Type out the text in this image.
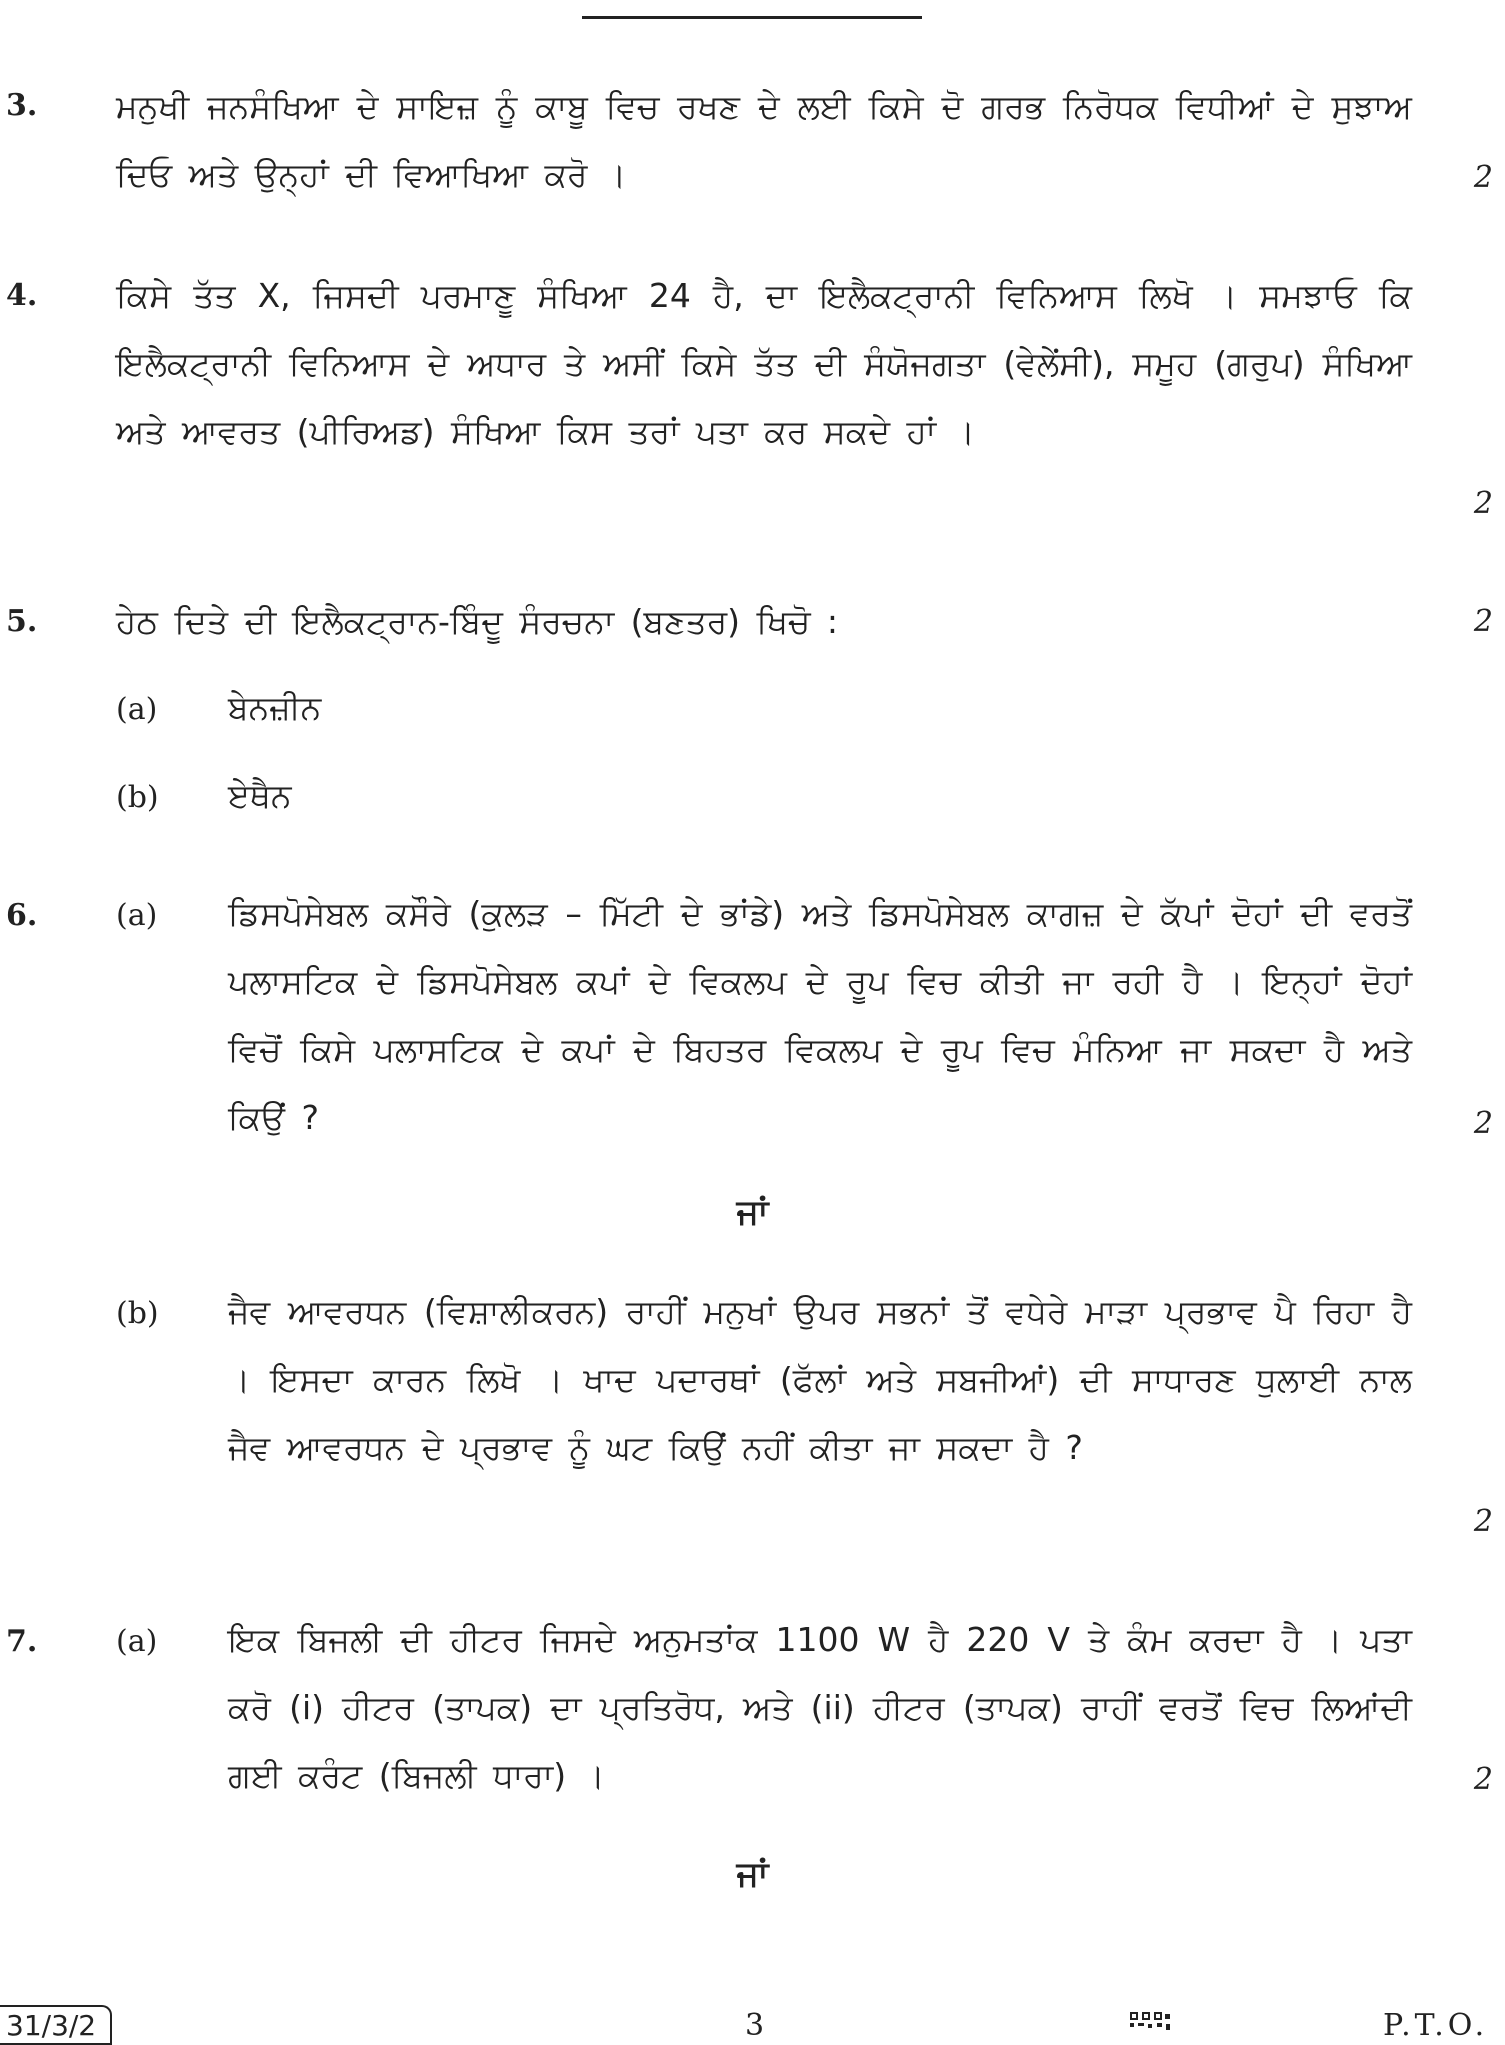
3. ਮਨੁਖੀ ਜਨਸੰਖਿਆ ਦੇ ਸਾਇਜ਼ ਨੂੰ ਕਾਬੂ ਵਿਚ ਰਖਣ ਦੇ ਲਈ ਕਿਸੇ ਦੋ ਗਰਭ ਨਿਰੋਧਕ ਵਿਧੀਆਂ ਦੇ ਸੁਝਾਅ ਦਿਓ ਅਤੇ ਉਨ੍ਹਾਂ ਦੀ ਵਿਆਖਿਆ ਕਰੋ ।	2
4. ਕਿਸੇ ਤੱਤ X, ਜਿਸਦੀ ਪਰਮਾਣੂ ਸੰਖਿਆ 24 ਹੈ, ਦਾ ਇਲੈਕਟ੍ਰਾਨੀ ਵਿਨਿਆਸ ਲਿਖੋ । ਸਮਝਾਓ ਕਿ ਇਲੈਕਟ੍ਰਾਨੀ ਵਿਨਿਆਸ ਦੇ ਅਧਾਰ ਤੇ ਅਸੀਂ ਕਿਸੇ ਤੱਤ ਦੀ ਸੰਯੋਜਗਤਾ (ਵੇਲੇਂਸੀ), ਸਮੂਹ (ਗਰੁਪ) ਸੰਖਿਆ ਅਤੇ ਆਵਰਤ (ਪੀਰਿਅਡ) ਸੰਖਿਆ ਕਿਸ ਤਰਾਂ ਪਤਾ ਕਰ ਸਕਦੇ ਹਾਂ ।
2
5. ਹੇਠ ਦਿਤੇ ਦੀ ਇਲੈਕਟ੍ਰਾਨ-ਬਿੰਦੂ ਸੰਰਚਨਾ (ਬਣਤਰ) ਖਿਚੋ :	2
(a) ਬੇਨਜ਼ੀਨ
(b) ਏਥੈਨ
6.	(a) ਡਿਸਪੋਸੇਬਲ ਕਸੌਰੇ (ਕੁਲੜ – ਮਿੱਟੀ ਦੇ ਭਾਂਡੇ) ਅਤੇ ਡਿਸਪੋਸੇਬਲ ਕਾਗਜ਼ ਦੇ ਕੱਪਾਂ ਦੋਹਾਂ ਦੀ ਵਰਤੋਂ ਪਲਾਸਟਿਕ ਦੇ ਡਿਸਪੋਸੇਬਲ ਕਪਾਂ ਦੇ ਵਿਕਲਪ ਦੇ ਰੂਪ ਵਿਚ ਕੀਤੀ ਜਾ ਰਹੀ ਹੈ । ਇਨ੍ਹਾਂ ਦੋਹਾਂ ਵਿਚੋਂ ਕਿਸੇ ਪਲਾਸਟਿਕ ਦੇ ਕਪਾਂ ਦੇ ਬਿਹਤਰ ਵਿਕਲਪ ਦੇ ਰੂਪ ਵਿਚ ਮੰਨਿਆ ਜਾ ਸਕਦਾ ਹੈ ਅਤੇ ਕਿਉਂ ?	2
ਜਾਂ
(b) ਜੈਵ ਆਵਰਧਨ (ਵਿਸ਼ਾਲੀਕਰਨ) ਰਾਹੀਂ ਮਨੁਖਾਂ ਉਪਰ ਸਭਨਾਂ ਤੋਂ ਵਧੇਰੇ ਮਾੜਾ ਪ੍ਰਭਾਵ ਪੈ ਰਿਹਾ ਹੈ । ਇਸਦਾ ਕਾਰਨ ਲਿਖੋ । ਖਾਦ ਪਦਾਰਥਾਂ (ਫੱਲਾਂ ਅਤੇ ਸਬਜੀਆਂ) ਦੀ ਸਾਧਾਰਣ ਧੁਲਾਈ ਨਾਲ ਜੈਵ ਆਵਰਧਨ ਦੇ ਪ੍ਰਭਾਵ ਨੂੰ ਘਟ ਕਿਉਂ ਨਹੀਂ ਕੀਤਾ ਜਾ ਸਕਦਾ ਹੈ ?
2
7.	(a) ਇਕ ਬਿਜਲੀ ਦੀ ਹੀਟਰ ਜਿਸਦੇ ਅਨੁਮਤਾਂਕ 1100 W ਹੈ 220 V ਤੇ ਕੰਮ ਕਰਦਾ ਹੈ । ਪਤਾ ਕਰੋ (i) ਹੀਟਰ (ਤਾਪਕ) ਦਾ ਪ੍ਰਤਿਰੋਧ, ਅਤੇ (ii) ਹੀਟਰ (ਤਾਪਕ) ਰਾਹੀਂ ਵਰਤੋਂ ਵਿਚ ਲਿਆਂਦੀ ਗਈ ਕਰੰਟ (ਬਿਜਲੀ ਧਾਰਾ) ।	2
ਜਾਂ
31/3/2	3	P.T.O.
